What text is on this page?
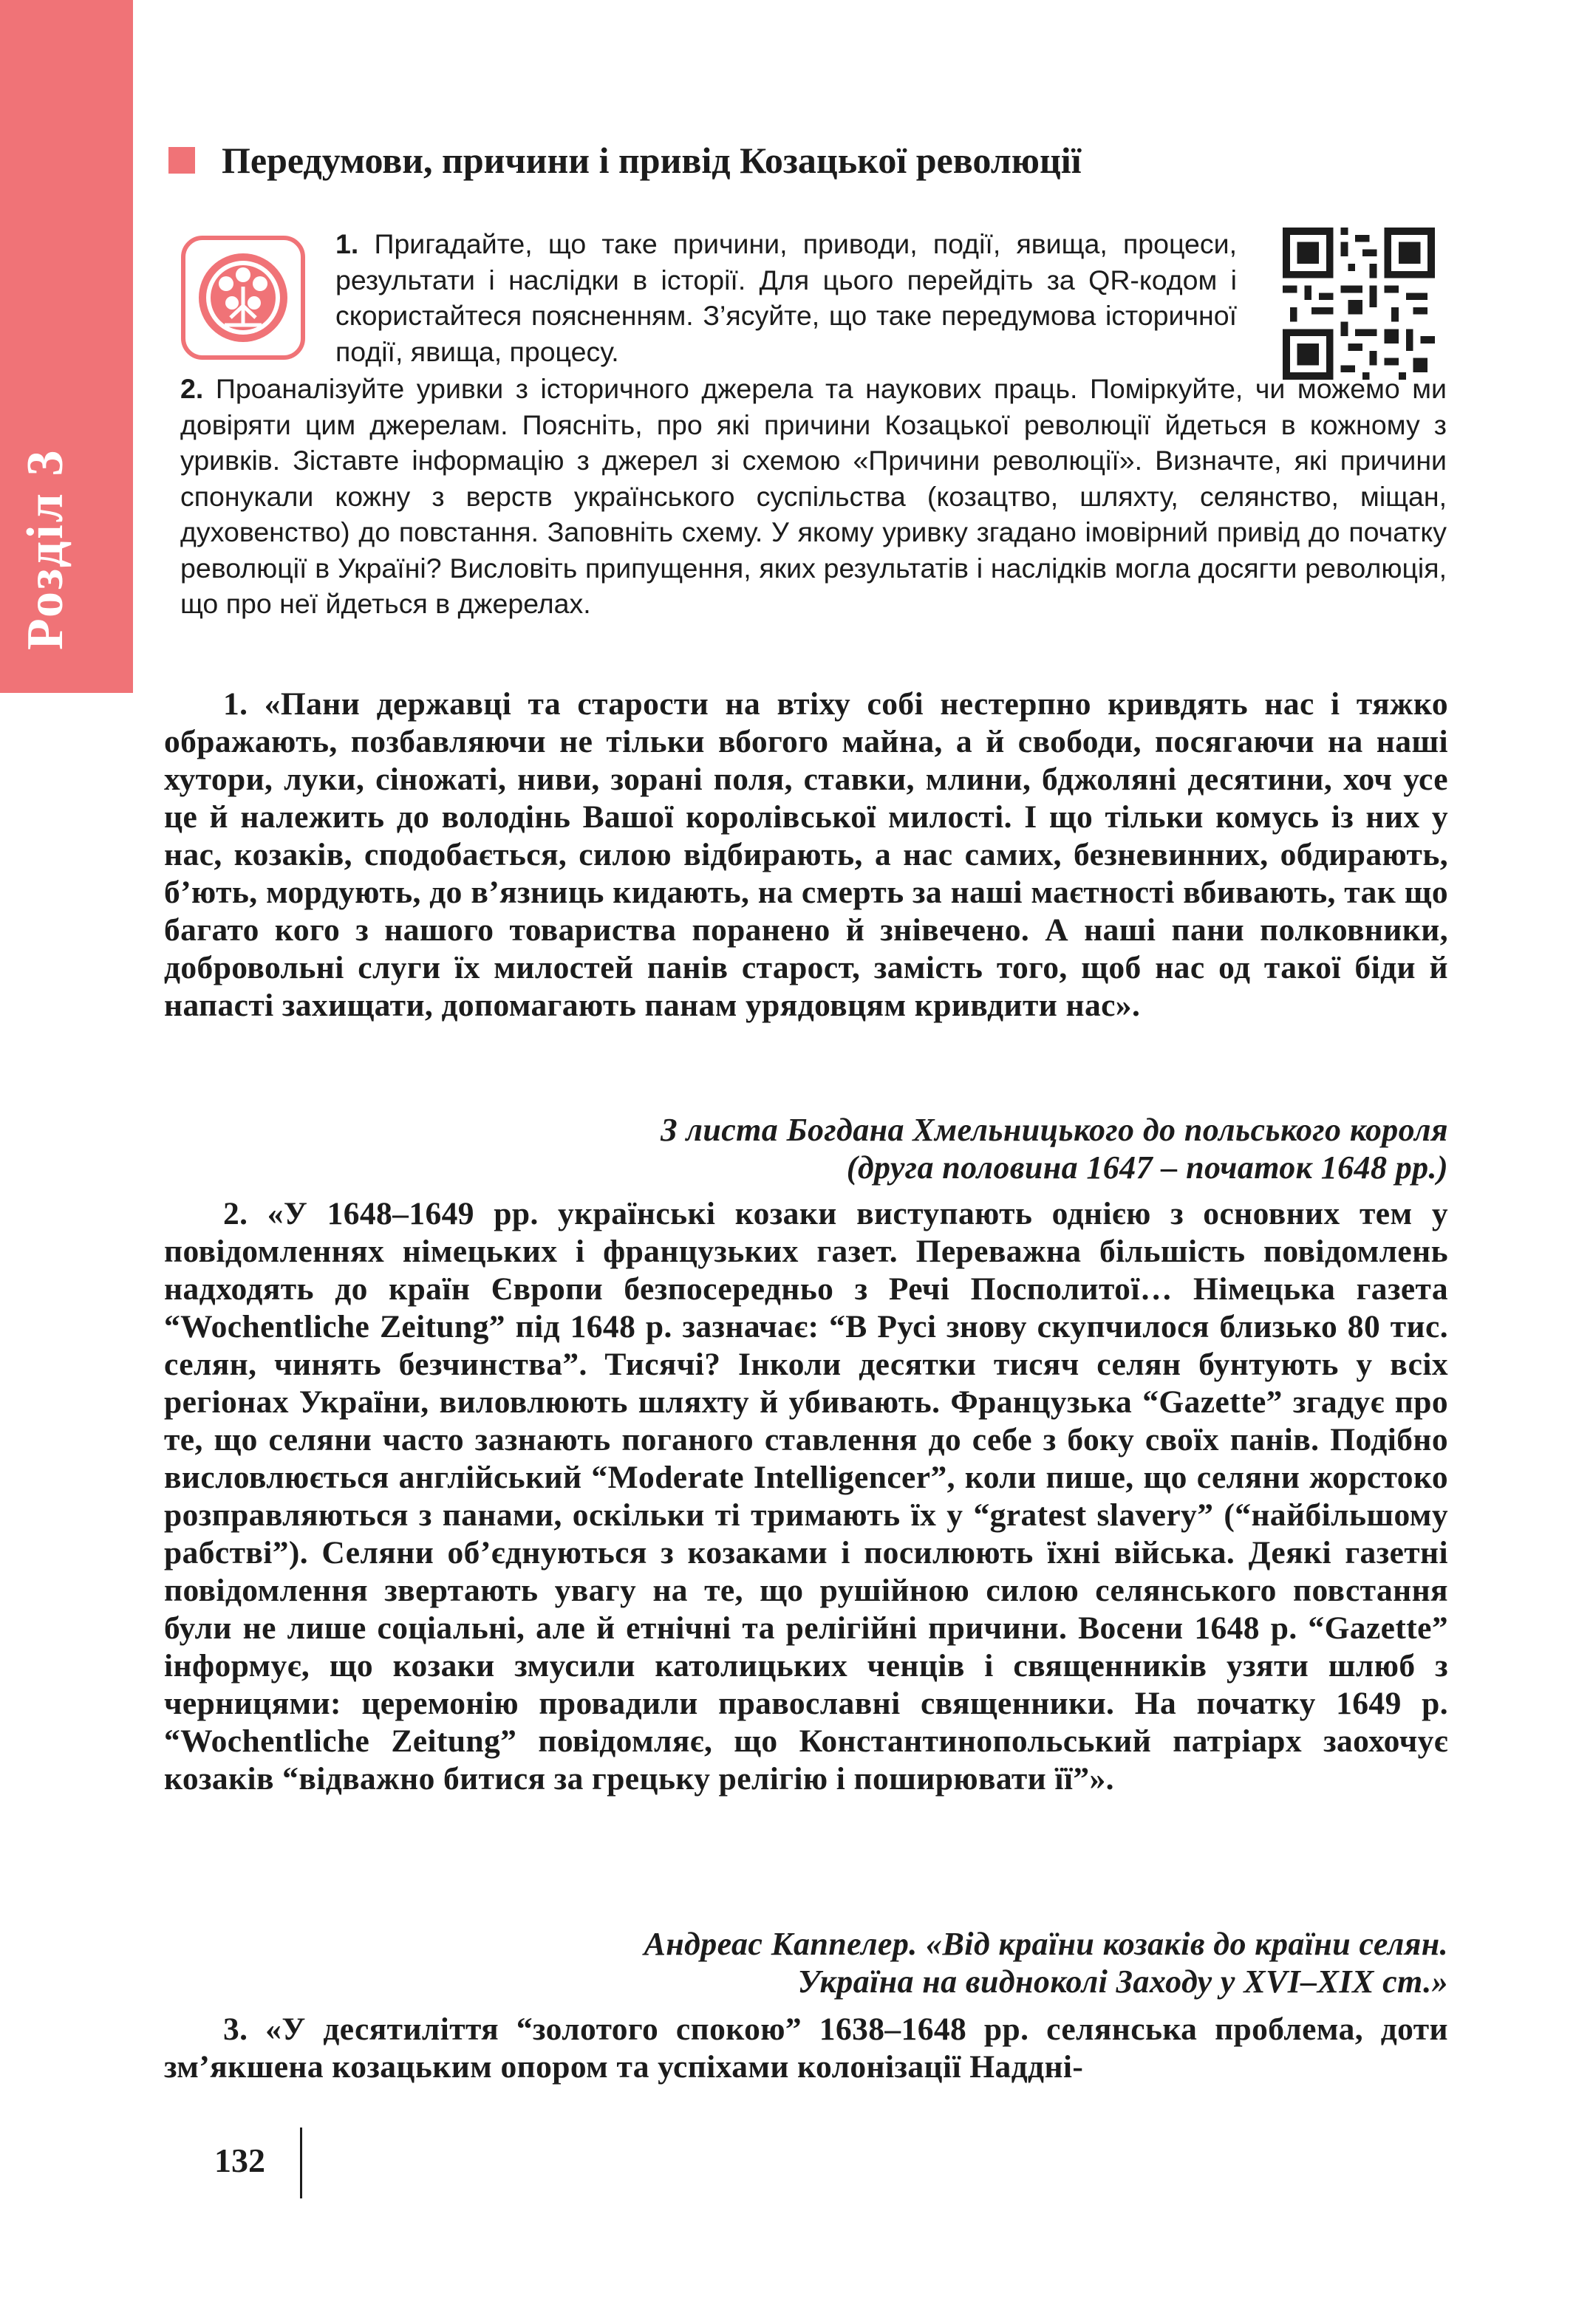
Розділ 3
Передумови, причини і привід Козацької революції
1. Пригадайте, що таке причини, приводи, події, явища, процеси, результати і наслідки в історії. Для цього перейдіть за QR-кодом і скористайтеся поясненням. З’ясуйте, що таке передумова історичної події, явища, процесу.
2. Проаналізуйте уривки з історичного джерела та наукових праць. Поміркуйте, чи можемо ми довіряти цим джерелам. Поясніть, про які причини Козацької революції йдеться в кожному з уривків. Зіставте інформацію з джерел зі схемою «Причини революції». Визначте, які причини спонукали кожну з верств українського суспільства (козацтво, шляхту, селянство, міщан, духовенство) до повстання. Заповніть схему. У якому уривку згадано імовірний привід до початку революції в Україні? Висловіть припущення, яких результатів і наслідків могла досягти революція, що про неї йдеться в джерелах.
1. «Пани державці та старости на втіху собі нестерпно кривдять нас і тяжко ображають, позбавляючи не тільки вбогого майна, а й свободи, посягаючи на наші хутори, луки, сіножаті, ниви, зорані поля, ставки, млини, бджоляні десятини, хоч усе це й належить до володінь Вашої королівської милості. І що тільки комусь із них у нас, козаків, сподобається, силою відбирають, а нас самих, безневинних, обдирають, б’ють, мордують, до в’язниць кидають, на смерть за наші маєтності вбивають, так що багато кого з нашого товариства поранено й знівечено. А наші пани полковники, добровольні слуги їх милостей панів старост, замість того, щоб нас од такої біди й напасті захищати, допомагають панам урядовцям кривдити нас».
З листа Богдана Хмельницького до польського короля
(друга половина 1647 – початок 1648 рр.)
2. «У 1648–1649 рр. українські козаки виступають однією з основних тем у повідомленнях німецьких і французьких газет. Переважна більшість повідомлень надходять до країн Європи безпосередньо з Речі Посполитої… Німецька газета “Wochentliche Zeitung” під 1648 р. зазначає: “В Русі знову скупчилося близько 80 тис. селян, чинять безчинства”. Тисячі? Інколи десятки тисяч селян бунтують у всіх регіонах України, виловлюють шляхту й убивають. Французька “Gazette” згадує про те, що селяни часто зазнають поганого ставлення до себе з боку своїх панів. Подібно висловлюється англійський “Moderate Intelligencer”, коли пише, що селяни жорстоко розправляються з панами, оскільки ті тримають їх у “gratest slavery” (“найбільшому рабстві”). Селяни об’єднуються з козаками і посилюють їхні війська. Деякі газетні повідомлення звертають увагу на те, що рушійною силою селянського повстання були не лише соціальні, але й етнічні та релігійні причини. Восени 1648 р. “Gazette” інформує, що козаки змусили католицьких ченців і священників узяти шлюб з черницями: церемонію провадили православні священники. На початку 1649 р. “Wochentliche Zeitung” повідомляє, що Константинопольський патріарх заохочує козаків “відважно битися за грецьку релігію і поширювати її”».
Андреас Каппелер. «Від країни козаків до країни селян.
Україна на видноколі Заходу у XVI–XIX ст.»
3. «У десятиліття “золотого спокою” 1638–1648 рр. селянська проблема, доти зм’якшена козацьким опором та успіхами колонізації Наддні-
132
